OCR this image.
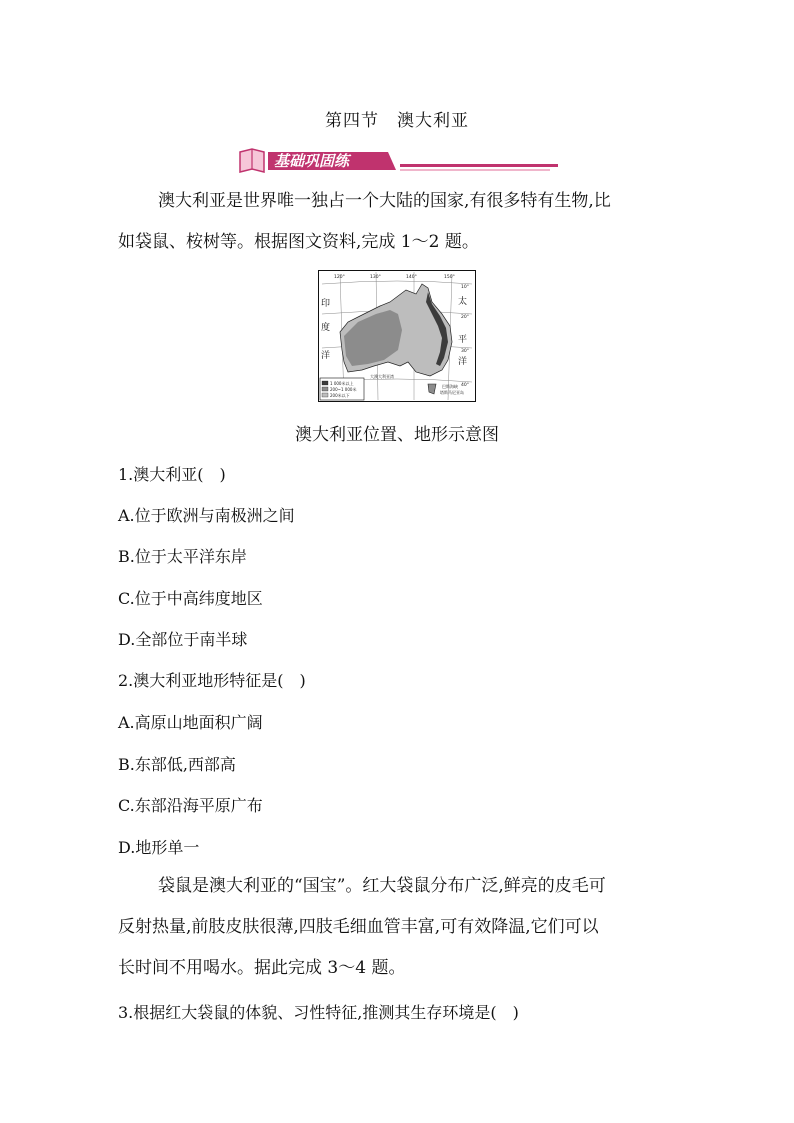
第四节　澳大利亚
基础巩固练
澳大利亚是世界唯一独占一个大陆的国家,有很多特有生物,比
如袋鼠、桉树等。根据图文资料,完成 1～2 题。
120°	130°	140°	150°
10°
20°
30°
40°
大澳大利亚湾
巴斯海峡
塔斯马尼亚岛
印
度
洋
太
平
洋
1 000米以上
200~1 000米
200米以下
澳大利亚位置、地形示意图
1.澳大利亚(　)
A.位于欧洲与南极洲之间
B.位于太平洋东岸
C.位于中高纬度地区
D.全部位于南半球
2.澳大利亚地形特征是(　)
A.高原山地面积广阔
B.东部低,西部高
C.东部沿海平原广布
D.地形单一
袋鼠是澳大利亚的“国宝”。红大袋鼠分布广泛,鲜亮的皮毛可
反射热量,前肢皮肤很薄,四肢毛细血管丰富,可有效降温,它们可以
长时间不用喝水。据此完成 3～4 题。
3.根据红大袋鼠的体貌、习性特征,推测其生存环境是(　)
